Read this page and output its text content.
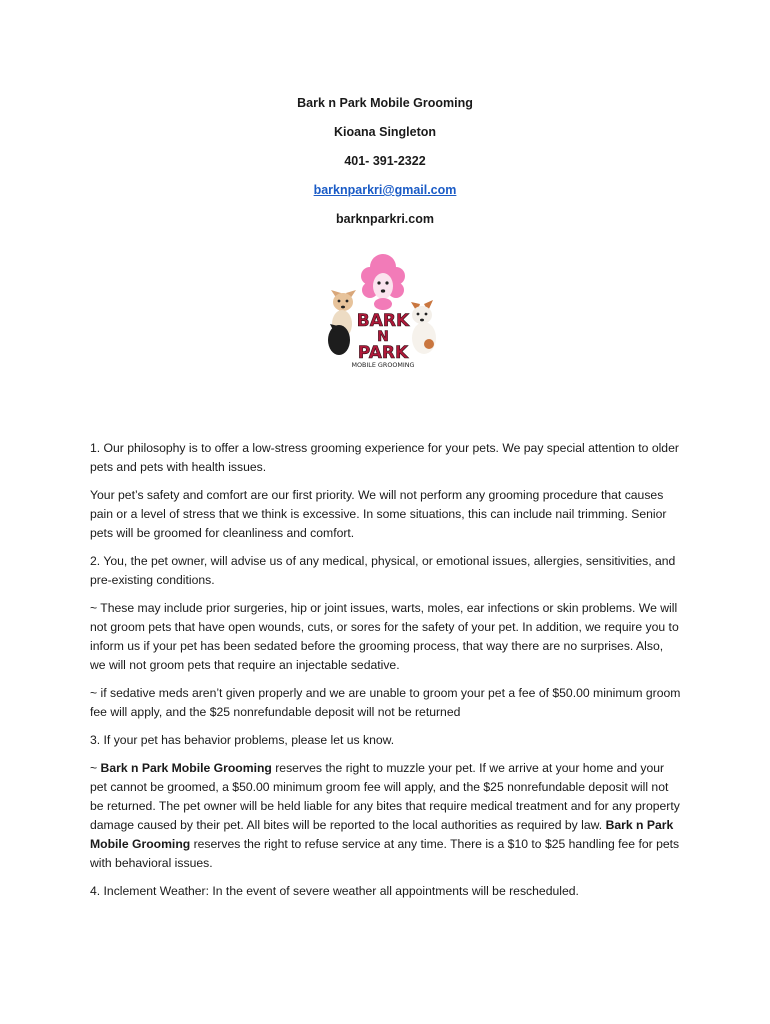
Bark n Park Mobile Grooming
Kioana Singleton
401- 391-2322
barknparkri@gmail.com
barknparkri.com
BARK
N
PARK
MOBILE GROOMING

1. Our philosophy is to offer a low-stress grooming experience for your pets. We pay special attention to older pets and pets with health issues.

Your pet’s safety and comfort are our first priority. We will not perform any grooming procedure that causes pain or a level of stress that we think is excessive. In some situations, this can include nail trimming. Senior pets will be groomed for cleanliness and comfort.

2. You, the pet owner, will advise us of any medical, physical, or emotional issues, allergies, sensitivities, and pre-existing conditions.

~ These may include prior surgeries, hip or joint issues, warts, moles, ear infections or skin problems. We will not groom pets that have open wounds, cuts, or sores for the safety of your pet. In addition, we require you to inform us if your pet has been sedated before the grooming process, that way there are no surprises. Also, we will not groom pets that require an injectable sedative.

~ if sedative meds aren’t given properly and we are unable to groom your pet a fee of $50.00 minimum groom fee will apply, and the $25 nonrefundable deposit will not be returned

3. If your pet has behavior problems, please let us know.

~ Bark n Park Mobile Grooming reserves the right to muzzle your pet. If we arrive at your home and your pet cannot be groomed, a $50.00 minimum groom fee will apply, and the $25 nonrefundable deposit will not be returned. The pet owner will be held liable for any bites that require medical treatment and for any property damage caused by their pet. All bites will be reported to the local authorities as required by law. Bark n Park Mobile Grooming reserves the right to refuse service at any time. There is a $10 to $25 handling fee for pets with behavioral issues.

4. Inclement Weather: In the event of severe weather all appointments will be rescheduled.
